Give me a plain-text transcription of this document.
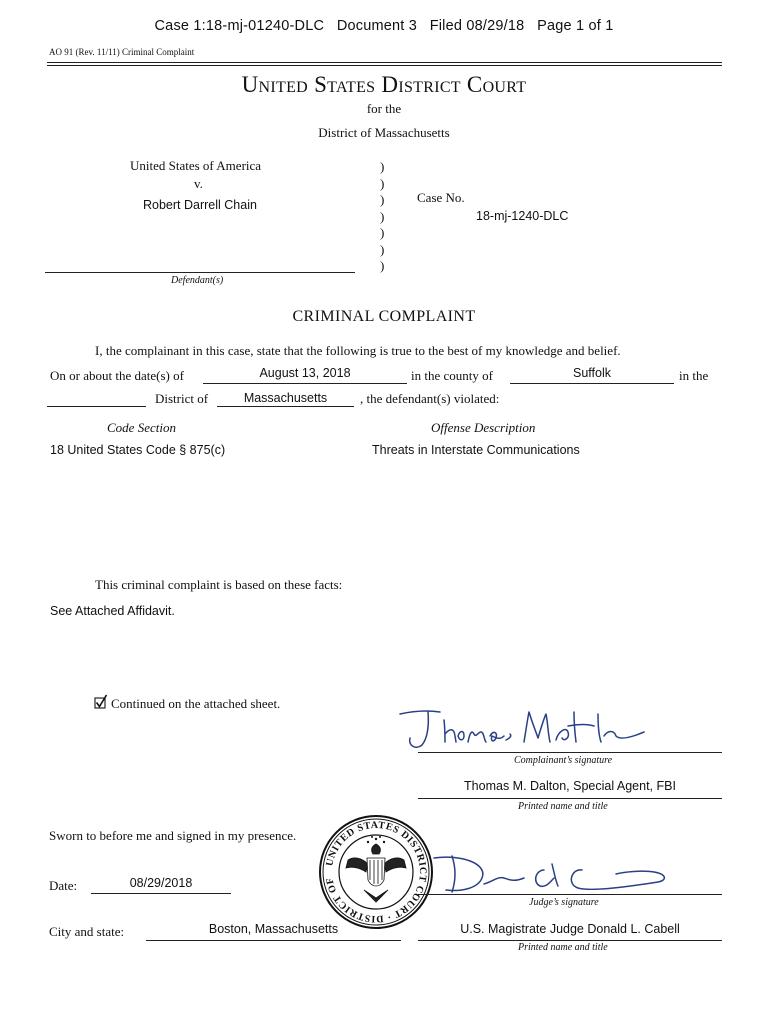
Case 1:18-mj-01240-DLC Document 3 Filed 08/29/18 Page 1 of 1
AO 91 (Rev. 11/11) Criminal Complaint
United States District Court
for the
District of Massachusetts
United States of America
v.
Robert Darrell Chain
Defendant(s)
)
)
)
)
)
)
)
Case No.
18-mj-1240-DLC
CRIMINAL COMPLAINT
I, the complainant in this case, state that the following is true to the best of my knowledge and belief.
On or about the date(s) of	August 13, 2018	in the county of	Suffolk	in the
District of	Massachusetts	, the defendant(s) violated:
Code Section	Offense Description
18 United States Code § 875(c)	Threats in Interstate Communications
This criminal complaint is based on these facts:
See Attached Affidavit.
Continued on the attached sheet.
Complainant’s signature
Thomas M. Dalton, Special Agent, FBI
Printed name and title
Sworn to before me and signed in my presence.
Date:	08/29/2018
UNITED STATES DISTRICT COURT · DISTRICT OF MASSACHUSETTS ·
Judge’s signature
City and state:	Boston, Massachusetts	U.S. Magistrate Judge Donald L. Cabell
Printed name and title
